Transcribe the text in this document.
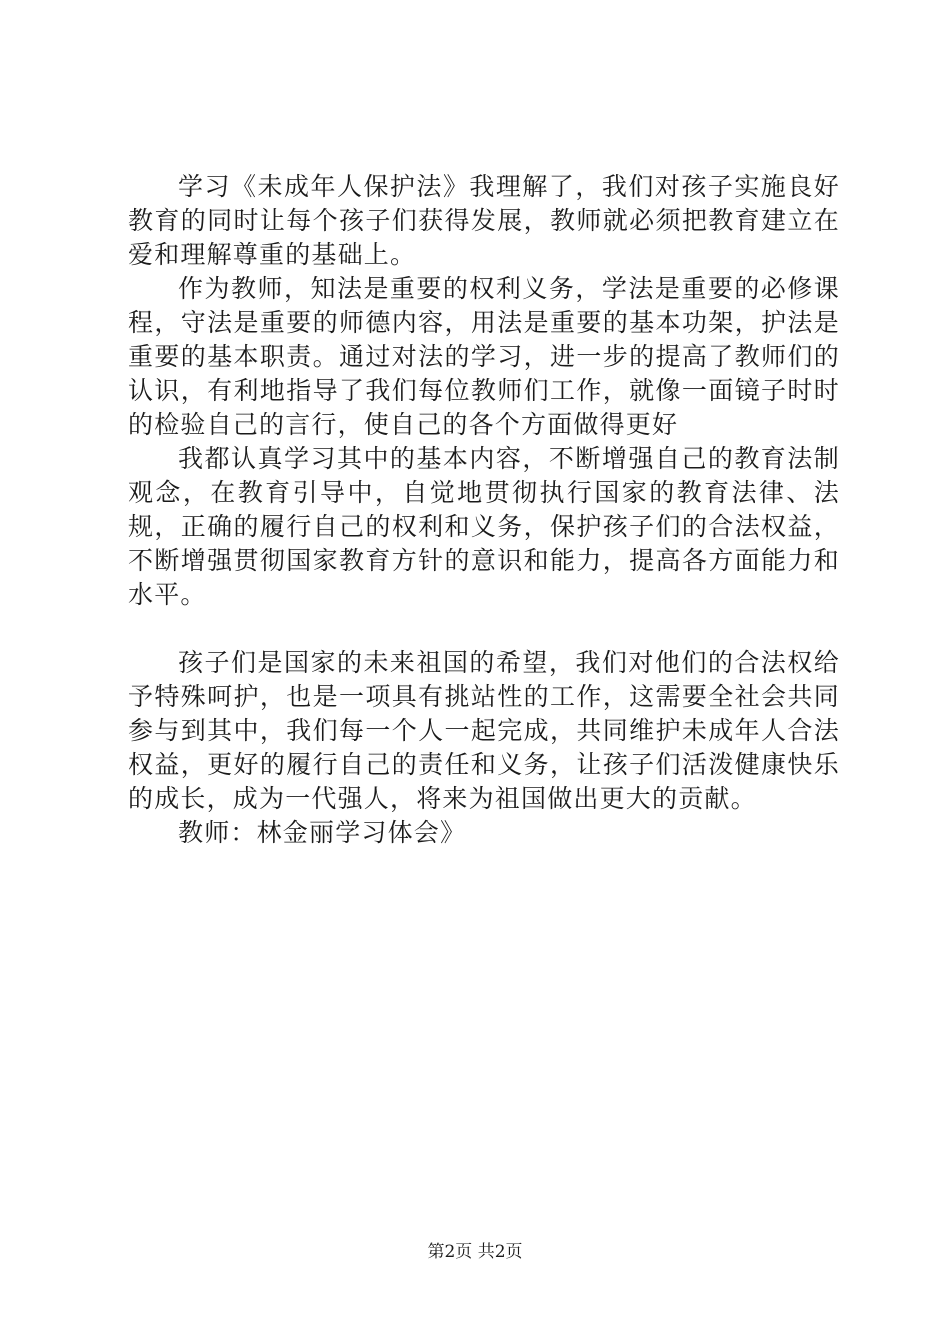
学习《未成年人保护法》我理解了，我们对孩子实施良好教育的同时让每个孩子们获得发展，教师就必须把教育建立在爱和理解尊重的基础上。

作为教师，知法是重要的权利义务，学法是重要的必修课程，守法是重要的师德内容，用法是重要的基本功架，护法是重要的基本职责。通过对法的学习，进一步的提高了教师们的认识，有利地指导了我们每位教师们工作，就像一面镜子时时的检验自己的言行，使自己的各个方面做得更好

我都认真学习其中的基本内容，不断增强自己的教育法制观念，在教育引导中，自觉地贯彻执行国家的教育法律、法规，正确的履行自己的权利和义务，保护孩子们的合法权益，不断增强贯彻国家教育方针的意识和能力，提高各方面能力和水平。

孩子们是国家的未来祖国的希望，我们对他们的合法权给予特殊呵护，也是一项具有挑站性的工作，这需要全社会共同参与到其中，我们每一个人一起完成，共同维护未成年人合法权益，更好的履行自己的责任和义务，让孩子们活泼健康快乐的成长，成为一代强人，将来为祖国做出更大的贡献。

教师：林金丽学习体会》

第2页 共2页
